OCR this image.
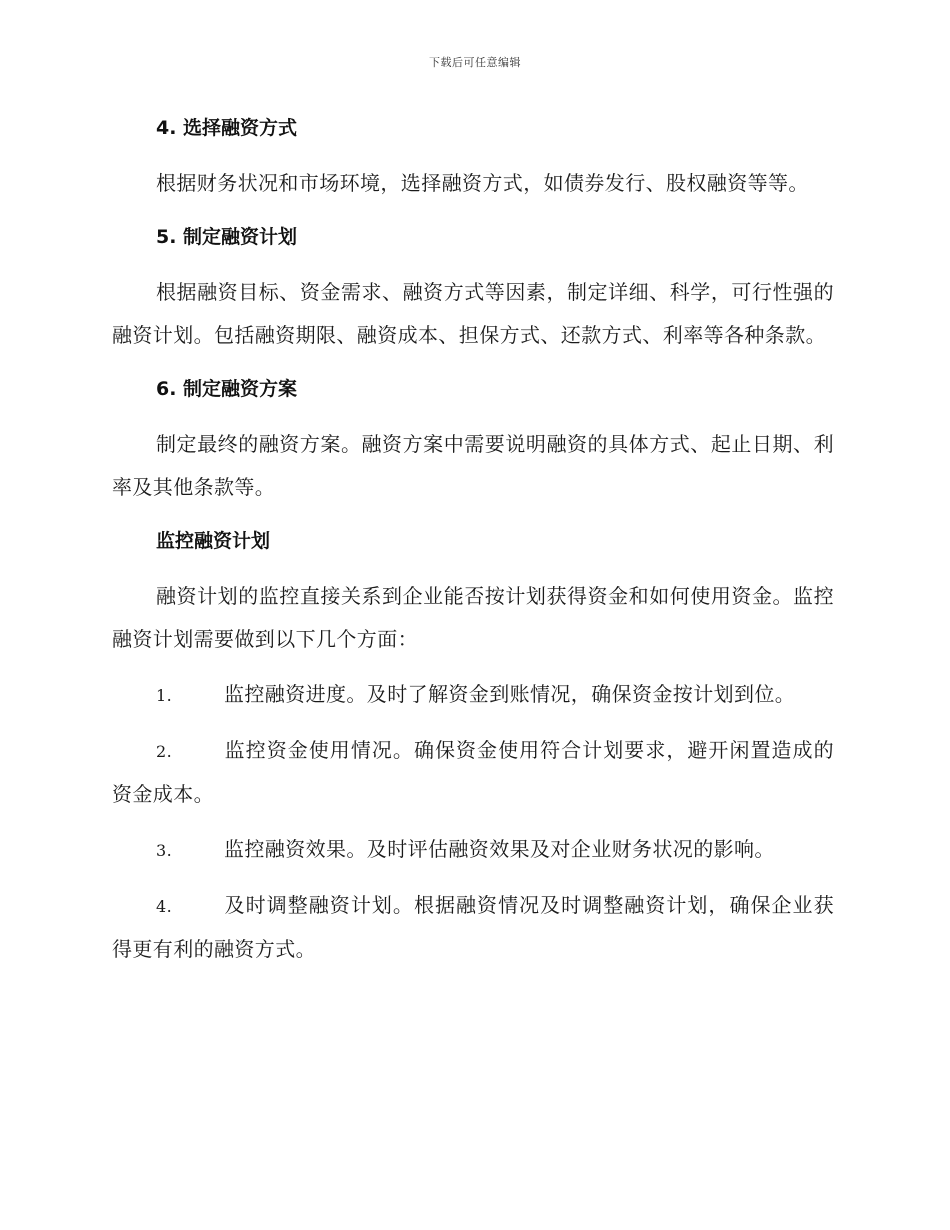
下载后可任意编辑
4. 选择融资方式

根据财务状况和市场环境，选择融资方式，如债券发行、股权融资等等。

5. 制定融资计划

根据融资目标、资金需求、融资方式等因素，制定详细、科学，可行性强的融资计划。包括融资期限、融资成本、担保方式、还款方式、利率等各种条款。

6. 制定融资方案

制定最终的融资方案。融资方案中需要说明融资的具体方式、起止日期、利率及其他条款等。

监控融资计划

融资计划的监控直接关系到企业能否按计划获得资金和如何使用资金。监控融资计划需要做到以下几个方面：

1.	监控融资进度。及时了解资金到账情况，确保资金按计划到位。

2.	监控资金使用情况。确保资金使用符合计划要求，避开闲置造成的资金成本。

3.	监控融资效果。及时评估融资效果及对企业财务状况的影响。

4.	及时调整融资计划。根据融资情况及时调整融资计划，确保企业获得更有利的融资方式。
